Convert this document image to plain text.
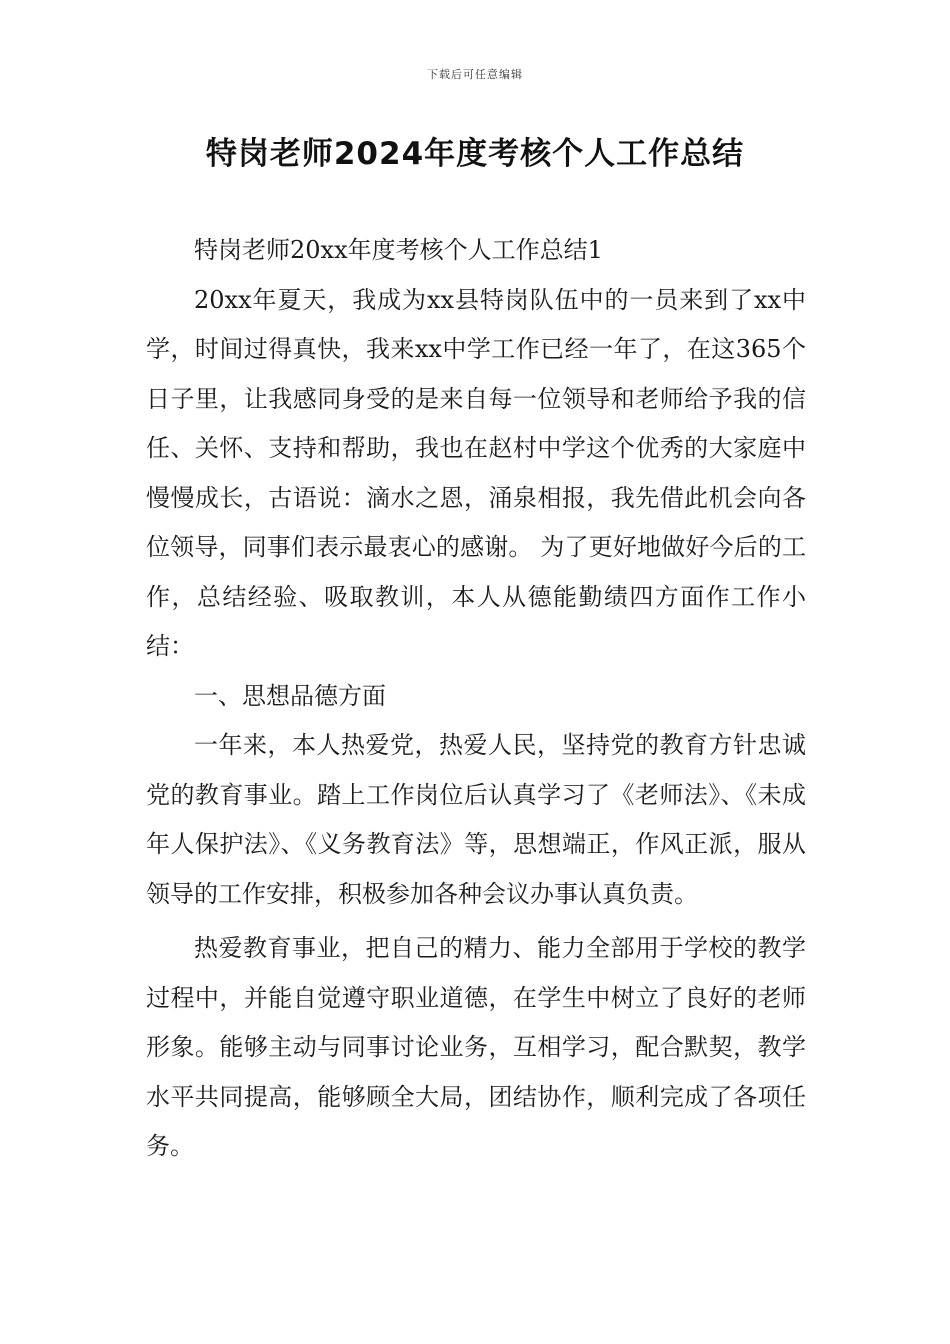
下载后可任意编辑
特岗老师2024年度考核个人工作总结

特岗老师20xx年度考核个人工作总结1

20xx年夏天，我成为xx县特岗队伍中的一员来到了xx中学，时间过得真快，我来xx中学工作已经一年了，在这365个日子里，让我感同身受的是来自每一位领导和老师给予我的信任、关怀、支持和帮助，我也在赵村中学这个优秀的大家庭中慢慢成长，古语说：滴水之恩，涌泉相报，我先借此机会向各位领导，同事们表示最衷心的感谢。 为了更好地做好今后的工作，总结经验、吸取教训，本人从德能勤绩四方面作工作小结：

一、思想品德方面

一年来，本人热爱党，热爱人民，坚持党的教育方针忠诚党的教育事业。踏上工作岗位后认真学习了《老师法》、《未成年人保护法》、《义务教育法》等，思想端正，作风正派，服从领导的工作安排，积极参加各种会议办事认真负责。

热爱教育事业，把自己的精力、能力全部用于学校的教学过程中，并能自觉遵守职业道德，在学生中树立了良好的老师形象。能够主动与同事讨论业务，互相学习，配合默契，教学水平共同提高，能够顾全大局，团结协作，顺利完成了各项任务。
